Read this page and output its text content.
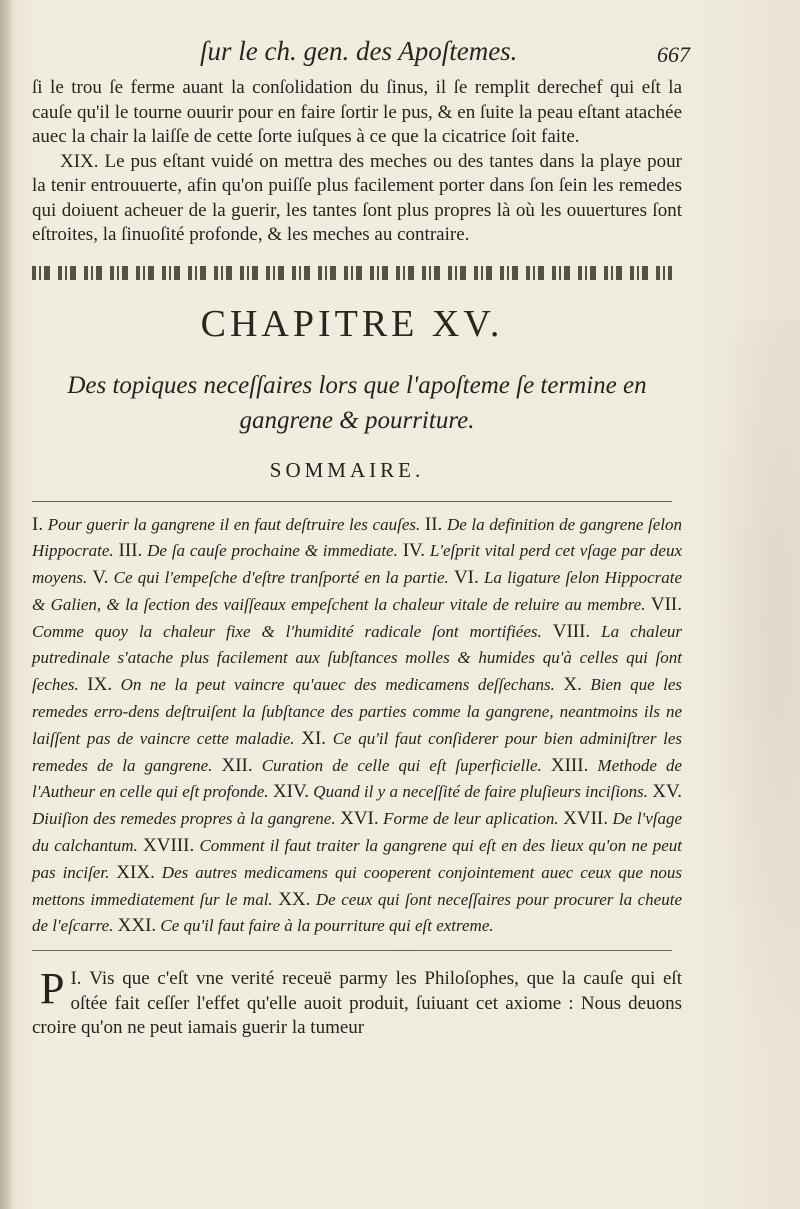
ſur le ch. gen. des Apoſtemes.	667

ſi le trou ſe ferme auant la conſolidation du ſinus, il ſe remplit derechef qui eſt la cauſe qu'il le tourne ouurir pour en faire ſortir le pus, & en ſuite la peau eſtant atachée auec la chair la laiſſe de cette ſorte iuſques à ce que la cicatrice ſoit faite.

XIX. Le pus eſtant vuidé on mettra des meches ou des tantes dans la playe pour la tenir entrouuerte, afin qu'on puiſſe plus facilement porter dans ſon ſein les remedes qui doiuent acheuer de la guerir, les tantes ſont plus propres là où les ouuertures ſont eſtroites, la ſinuoſité profonde, & les meches au contraire.

CHAPITRE XV.
Des topiques neceſſaires lors que l'apoſteme ſe termine en gangrene & pourriture.
SOMMAIRE.
I. Pour guerir la gangrene il en faut deſtruire les cauſes. II. De la definition de gangrene ſelon Hippocrate. III. De ſa cauſe prochaine & immediate. IV. L'eſprit vital perd cet vſage par deux moyens. V. Ce qui l'empeſche d'eſtre tranſporté en la partie. VI. La ligature ſelon Hippocrate & Galien, & la ſection des vaiſſeaux empeſchent la chaleur vitale de reluire au membre. VII. Comme quoy la chaleur fixe & l'humidité radicale ſont mortifiées. VIII. La chaleur putredinale s'atache plus facilement aux ſubſtances molles & humides qu'à celles qui ſont ſeches. IX. On ne la peut vaincre qu'auec des medicamens deſſechans. X. Bien que les remedes erro-dens deſtruiſent la ſubſtance des parties comme la gangrene, neantmoins ils ne laiſſent pas de vaincre cette maladie. XI. Ce qu'il faut conſiderer pour bien adminiſtrer les remedes de la gangrene. XII. Curation de celle qui eſt ſuperficielle. XIII. Methode de l'Autheur en celle qui eſt profonde. XIV. Quand il y a neceſſité de faire pluſieurs inciſions. XV. Diuiſion des remedes propres à la gangrene. XVI. Forme de leur aplication. XVII. De l'vſage du calchantum. XVIII. Comment il faut traiter la gangrene qui eſt en des lieux qu'on ne peut pas inciſer. XIX. Des autres medicamens qui cooperent conjointement auec ceux que nous mettons immediatement ſur le mal. XX. De ceux qui ſont neceſſaires pour procurer la cheute de l'eſcarre. XXI. Ce qu'il faut faire à la pourriture qui eſt extreme.
I.
P Vis que c'eſt vne verité receuë parmy les Philoſophes, que la cauſe qui eſt oſtée fait ceſſer l'effet qu'elle auoit produit, ſuiuant cet axiome : Nous deuons croire qu'on ne peut iamais guerir la tumeur
